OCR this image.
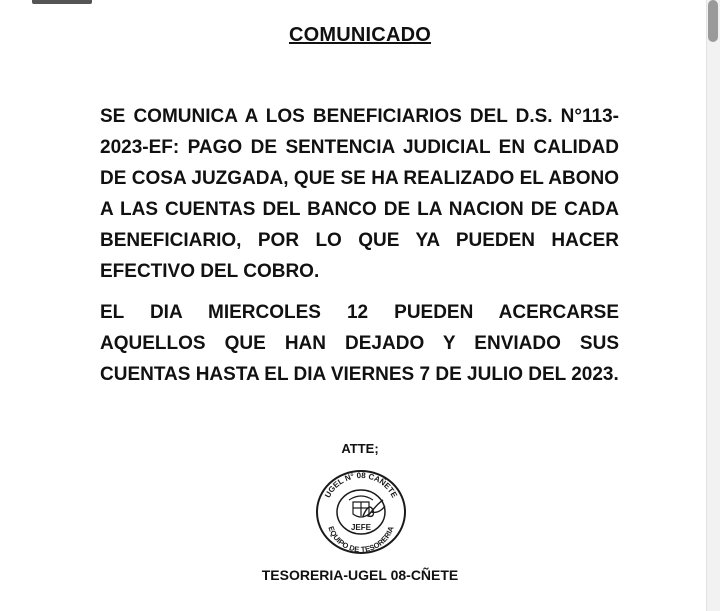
COMUNICADO

SE COMUNICA A LOS BENEFICIARIOS DEL D.S. N°113-2023-EF: PAGO DE SENTENCIA JUDICIAL EN CALIDAD DE COSA JUZGADA, QUE SE HA REALIZADO EL ABONO A LAS CUENTAS DEL BANCO DE LA NACION DE CADA BENEFICIARIO, POR LO QUE YA PUEDEN HACER EFECTIVO DEL COBRO.

EL DIA MIERCOLES 12 PUEDEN ACERCARSE AQUELLOS QUE HAN DEJADO Y ENVIADO SUS CUENTAS HASTA EL DIA VIERNES 7 DE JULIO DEL 2023.

ATTE;
UGEL N° 08 CAÑETE
EQUIPO DE TESORERIA
JEFE
TESORERIA-UGEL 08-CÑETE
